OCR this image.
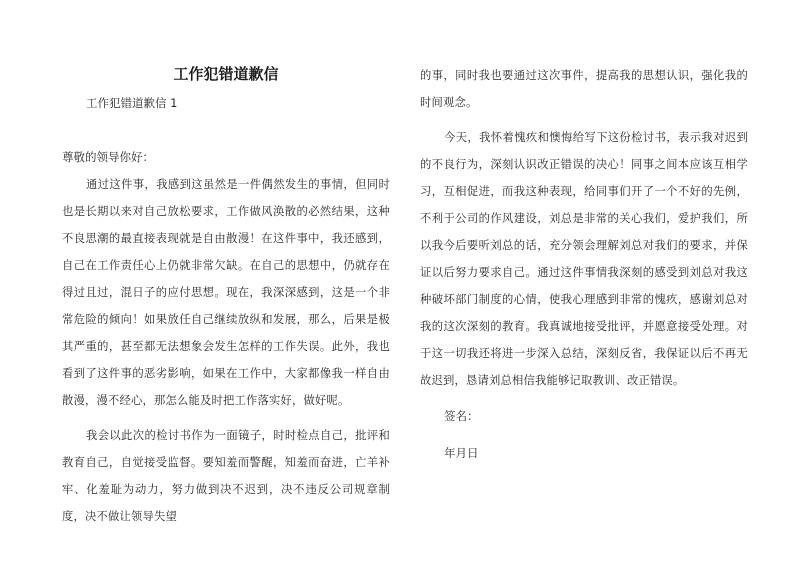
工作犯错道歉信
工作犯错道歉信 1
尊敬的领导你好：

通过这件事，我感到这虽然是一件偶然发生的事情，但同时也是长期以来对自己放松要求，工作做风涣散的必然结果，这种不良思潮的最直接表现就是自由散漫！在这件事中，我还感到，自己在工作责任心上仍就非常欠缺。在自己的思想中，仍就存在得过且过，混日子的应付思想。现在，我深深感到，这是一个非常危险的倾向！如果放任自己继续放纵和发展，那么，后果是极其严重的，甚至都无法想象会发生怎样的工作失误。此外，我也看到了这件事的恶劣影响，如果在工作中，大家都像我一样自由散漫，漫不经心，那怎么能及时把工作落实好，做好呢。

我会以此次的检讨书作为一面镜子，时时检点自己，批评和教育自己，自觉接受监督。要知羞而警醒，知羞而奋进，亡羊补牢、化羞耻为动力，努力做到决不迟到，决不违反公司规章制度，决不做让领导失望

的事，同时我也要通过这次事件，提高我的思想认识，强化我的时间观念。

今天，我怀着愧疚和懊悔给写下这份检讨书，表示我对迟到的不良行为，深刻认识改正错误的决心！同事之间本应该互相学习，互相促进，而我这种表现，给同事们开了一个不好的先例，不利于公司的作风建设，刘总是非常的关心我们，爱护我们，所以我今后要听刘总的话，充分领会理解刘总对我们的要求，并保证以后努力要求自己。通过这件事情我深刻的感受到刘总对我这种破坏部门制度的心情，使我心理感到非常的愧疚，感谢刘总对我的这次深刻的教育。我真诚地接受批评，并愿意接受处理。对于这一切我还将进一步深入总结，深刻反省，我保证以后不再无故迟到，恳请刘总相信我能够记取教训、改正错误。

签名：
年月日
